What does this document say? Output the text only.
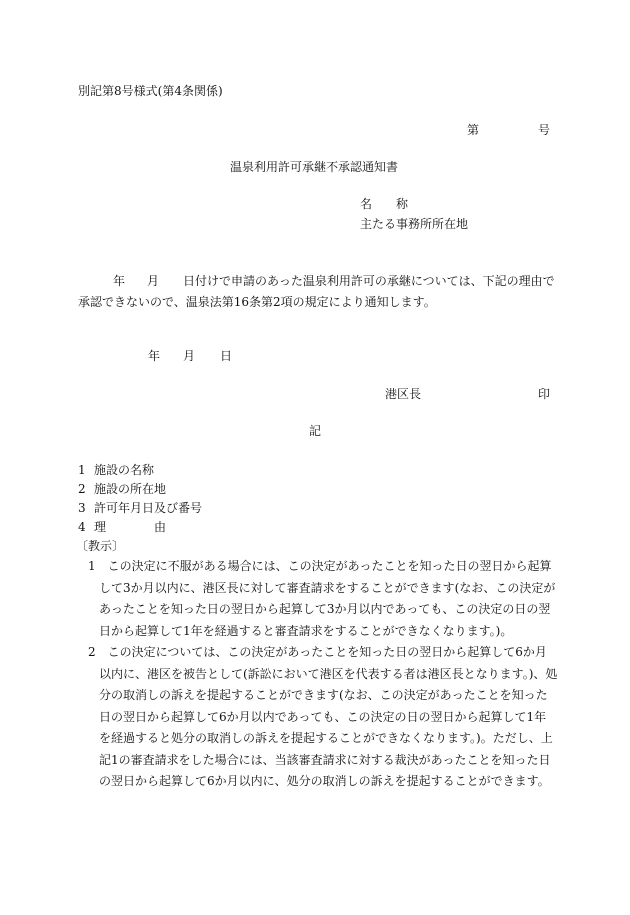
別記第8号様式(第4条関係)
第	号
温泉利用許可承継不承認通知書
名　　称
主たる事務所所在地
年 月 日付けで申請のあった温泉利用許可の承継については、下記の理由で
承認できないので、温泉法第16条第2項の規定により通知します。
年 月 日
港区長	印
記
1 施設の名称
2 施設の所在地
3 許可年月日及び番号
4 理　　　　由
〔教示〕

1　この決定に不服がある場合には、この決定があったことを知った日の翌日から起算して3か月以内に、港区長に対して審査請求をすることができます(なお、この決定があったことを知った日の翌日から起算して3か月以内であっても、この決定の日の翌日から起算して1年を経過すると審査請求をすることができなくなります。)。

2　この決定については、この決定があったことを知った日の翌日から起算して6か月以内に、港区を被告として(訴訟において港区を代表する者は港区長となります。)、処分の取消しの訴えを提起することができます(なお、この決定があったことを知った日の翌日から起算して6か月以内であっても、この決定の日の翌日から起算して1年を経過すると処分の取消しの訴えを提起することができなくなります。)。ただし、上記1の審査請求をした場合には、当該審査請求に対する裁決があったことを知った日の翌日から起算して6か月以内に、処分の取消しの訴えを提起することができます。
